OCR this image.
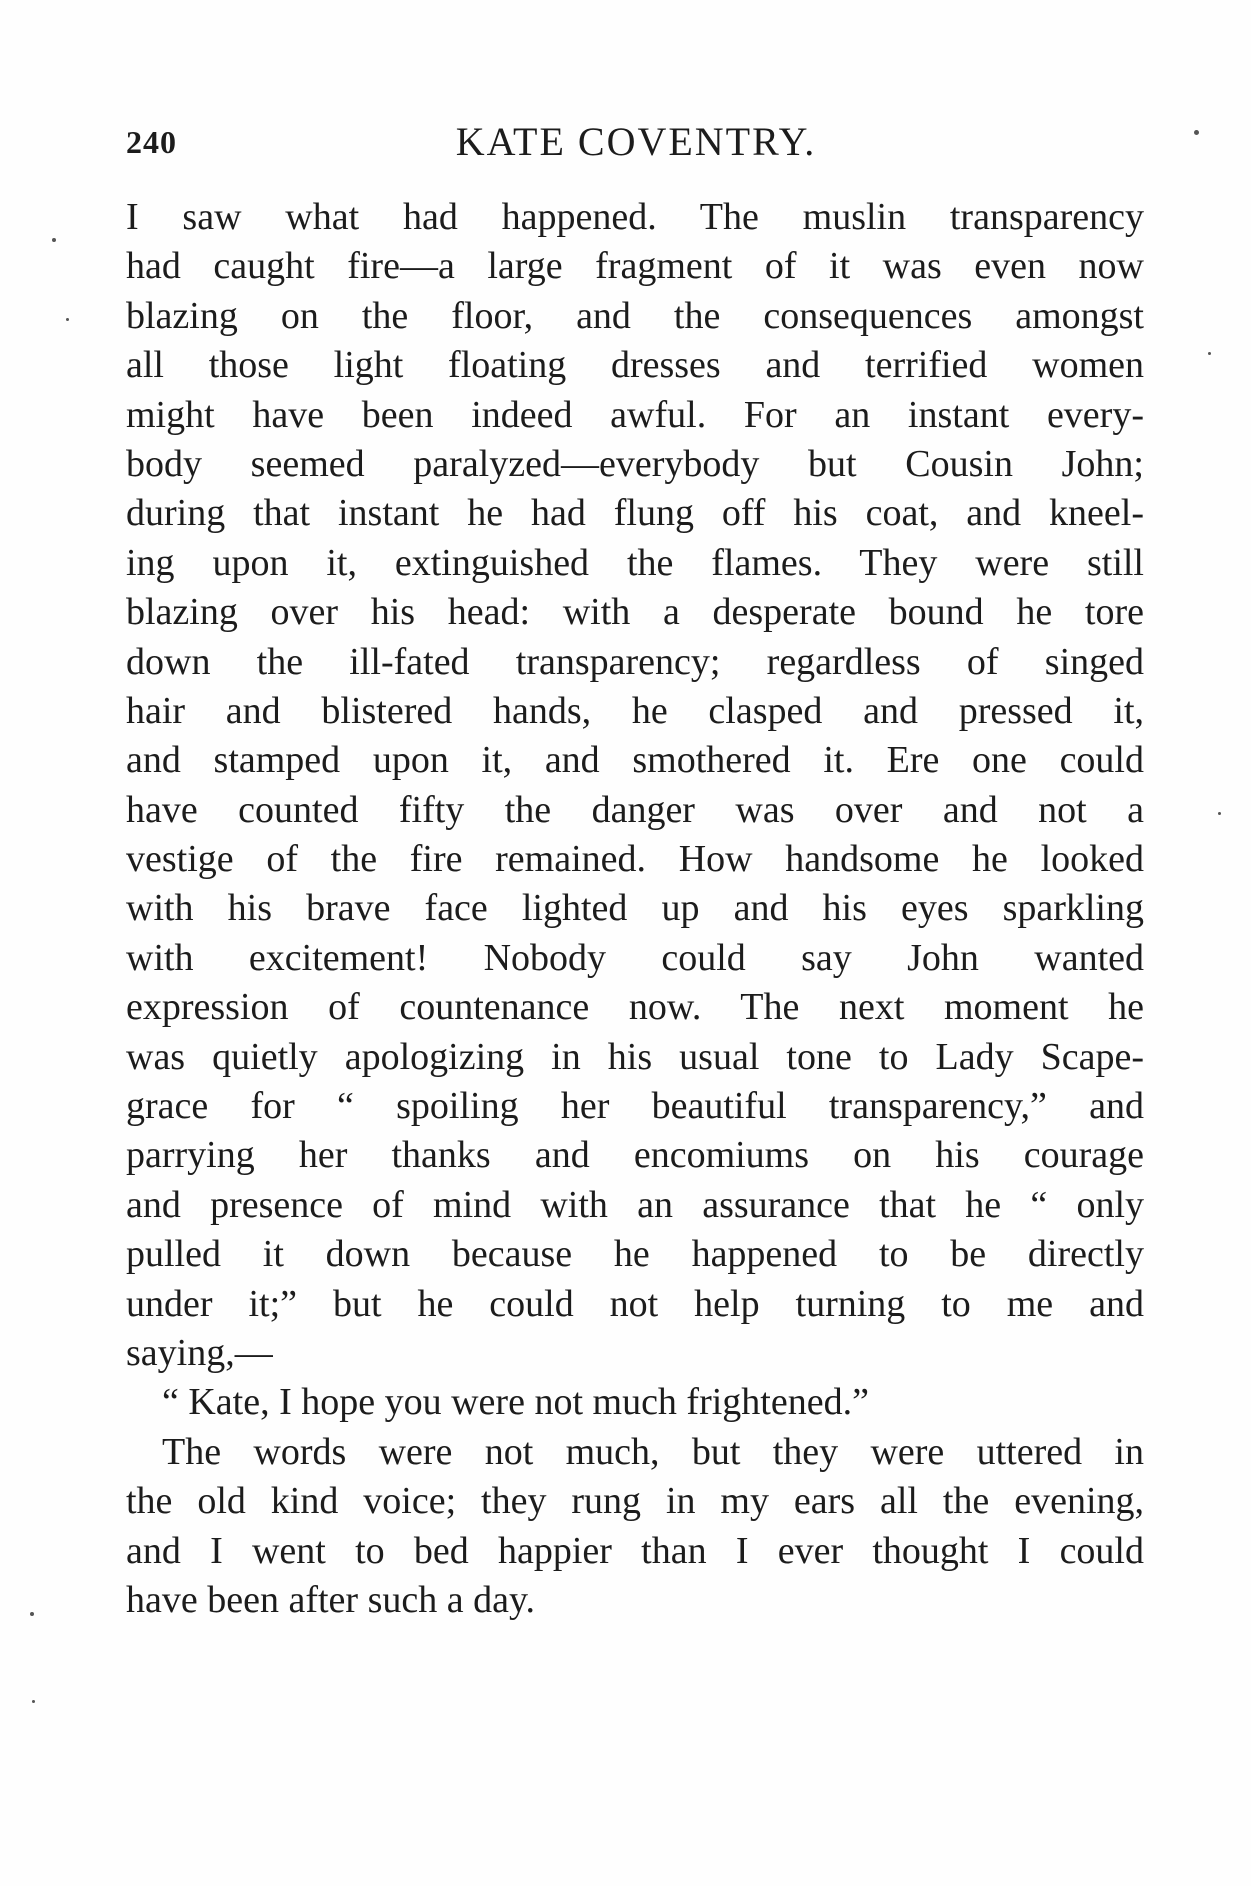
240	KATE COVENTRY.
I saw what had happened. The muslin transparency
had caught fire—a large fragment of it was even now
blazing on the floor, and the consequences amongst
all those light floating dresses and terrified women
might have been indeed awful. For an instant every-
body seemed paralyzed—everybody but Cousin John;
during that instant he had flung off his coat, and kneel-
ing upon it, extinguished the flames. They were still
blazing over his head: with a desperate bound he tore
down the ill-fated transparency; regardless of singed
hair and blistered hands, he clasped and pressed it,
and stamped upon it, and smothered it. Ere one could
have counted fifty the danger was over and not a
vestige of the fire remained. How handsome he looked
with his brave face lighted up and his eyes sparkling
with excitement! Nobody could say John wanted
expression of countenance now. The next moment he
was quietly apologizing in his usual tone to Lady Scape-
grace for “ spoiling her beautiful transparency,” and
parrying her thanks and encomiums on his courage
and presence of mind with an assurance that he “ only
pulled it down because he happened to be directly
under it;” but he could not help turning to me and
saying,—
“ Kate, I hope you were not much frightened.”
The words were not much, but they were uttered in
the old kind voice; they rung in my ears all the evening,
and I went to bed happier than I ever thought I could
have been after such a day.
